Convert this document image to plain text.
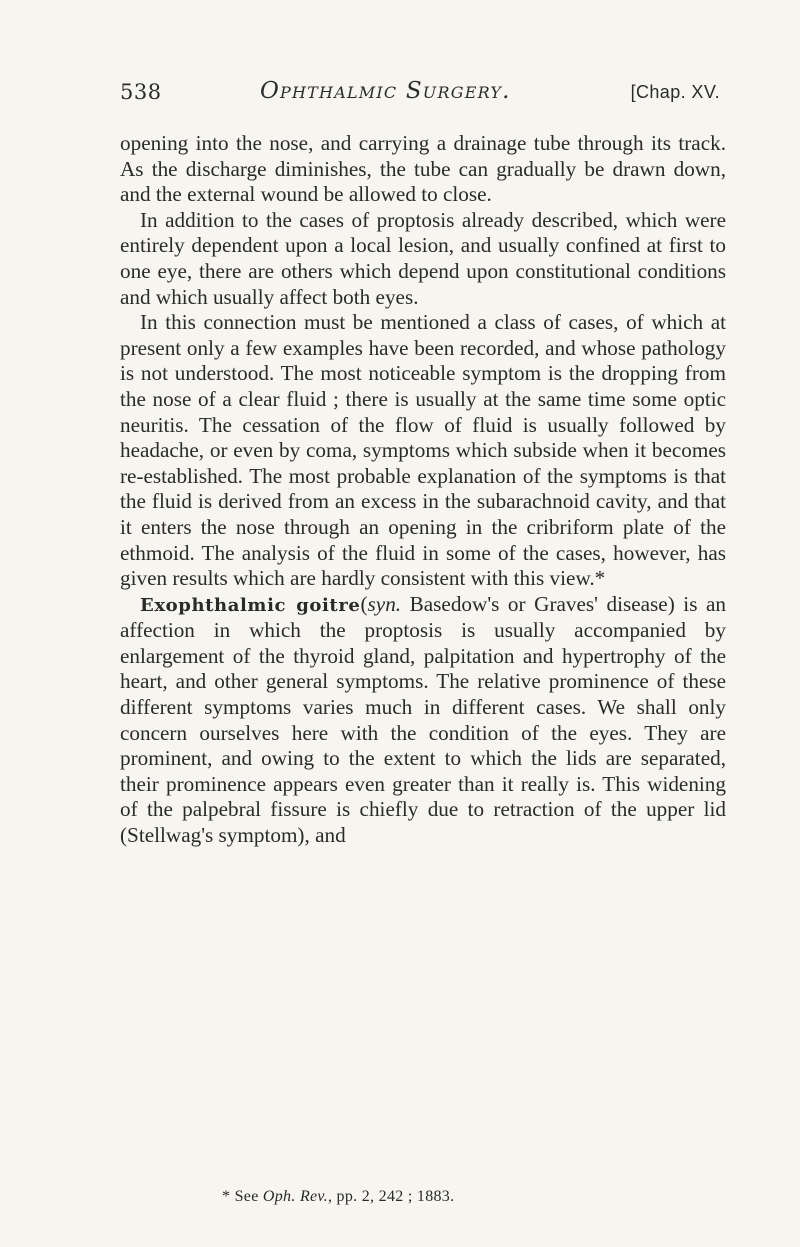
538	Ophthalmic Surgery.	[Chap. XV.

opening into the nose, and carrying a drainage tube through its track. As the discharge diminishes, the tube can gradually be drawn down, and the external wound be allowed to close.

In addition to the cases of proptosis already described, which were entirely dependent upon a local lesion, and usually confined at first to one eye, there are others which depend upon constitutional conditions and which usually affect both eyes.

In this connection must be mentioned a class of cases, of which at present only a few examples have been recorded, and whose pathology is not understood. The most noticeable symptom is the dropping from the nose of a clear fluid ; there is usually at the same time some optic neuritis. The cessation of the flow of fluid is usually followed by headache, or even by coma, symptoms which subside when it becomes re-established. The most probable explanation of the symptoms is that the fluid is derived from an excess in the subarachnoid cavity, and that it enters the nose through an opening in the cribriform plate of the ethmoid. The analysis of the fluid in some of the cases, however, has given results which are hardly consistent with this view.*

Exophthalmic goitre(syn. Basedow's or Graves' disease) is an affection in which the proptosis is usually accompanied by enlargement of the thyroid gland, palpitation and hypertrophy of the heart, and other general symptoms. The relative prominence of these different symptoms varies much in different cases. We shall only concern ourselves here with the condition of the eyes. They are prominent, and owing to the extent to which the lids are separated, their prominence appears even greater than it really is. This widening of the palpebral fissure is chiefly due to retraction of the upper lid (Stellwag's symptom), and

* See Oph. Rev., pp. 2, 242 ; 1883.
